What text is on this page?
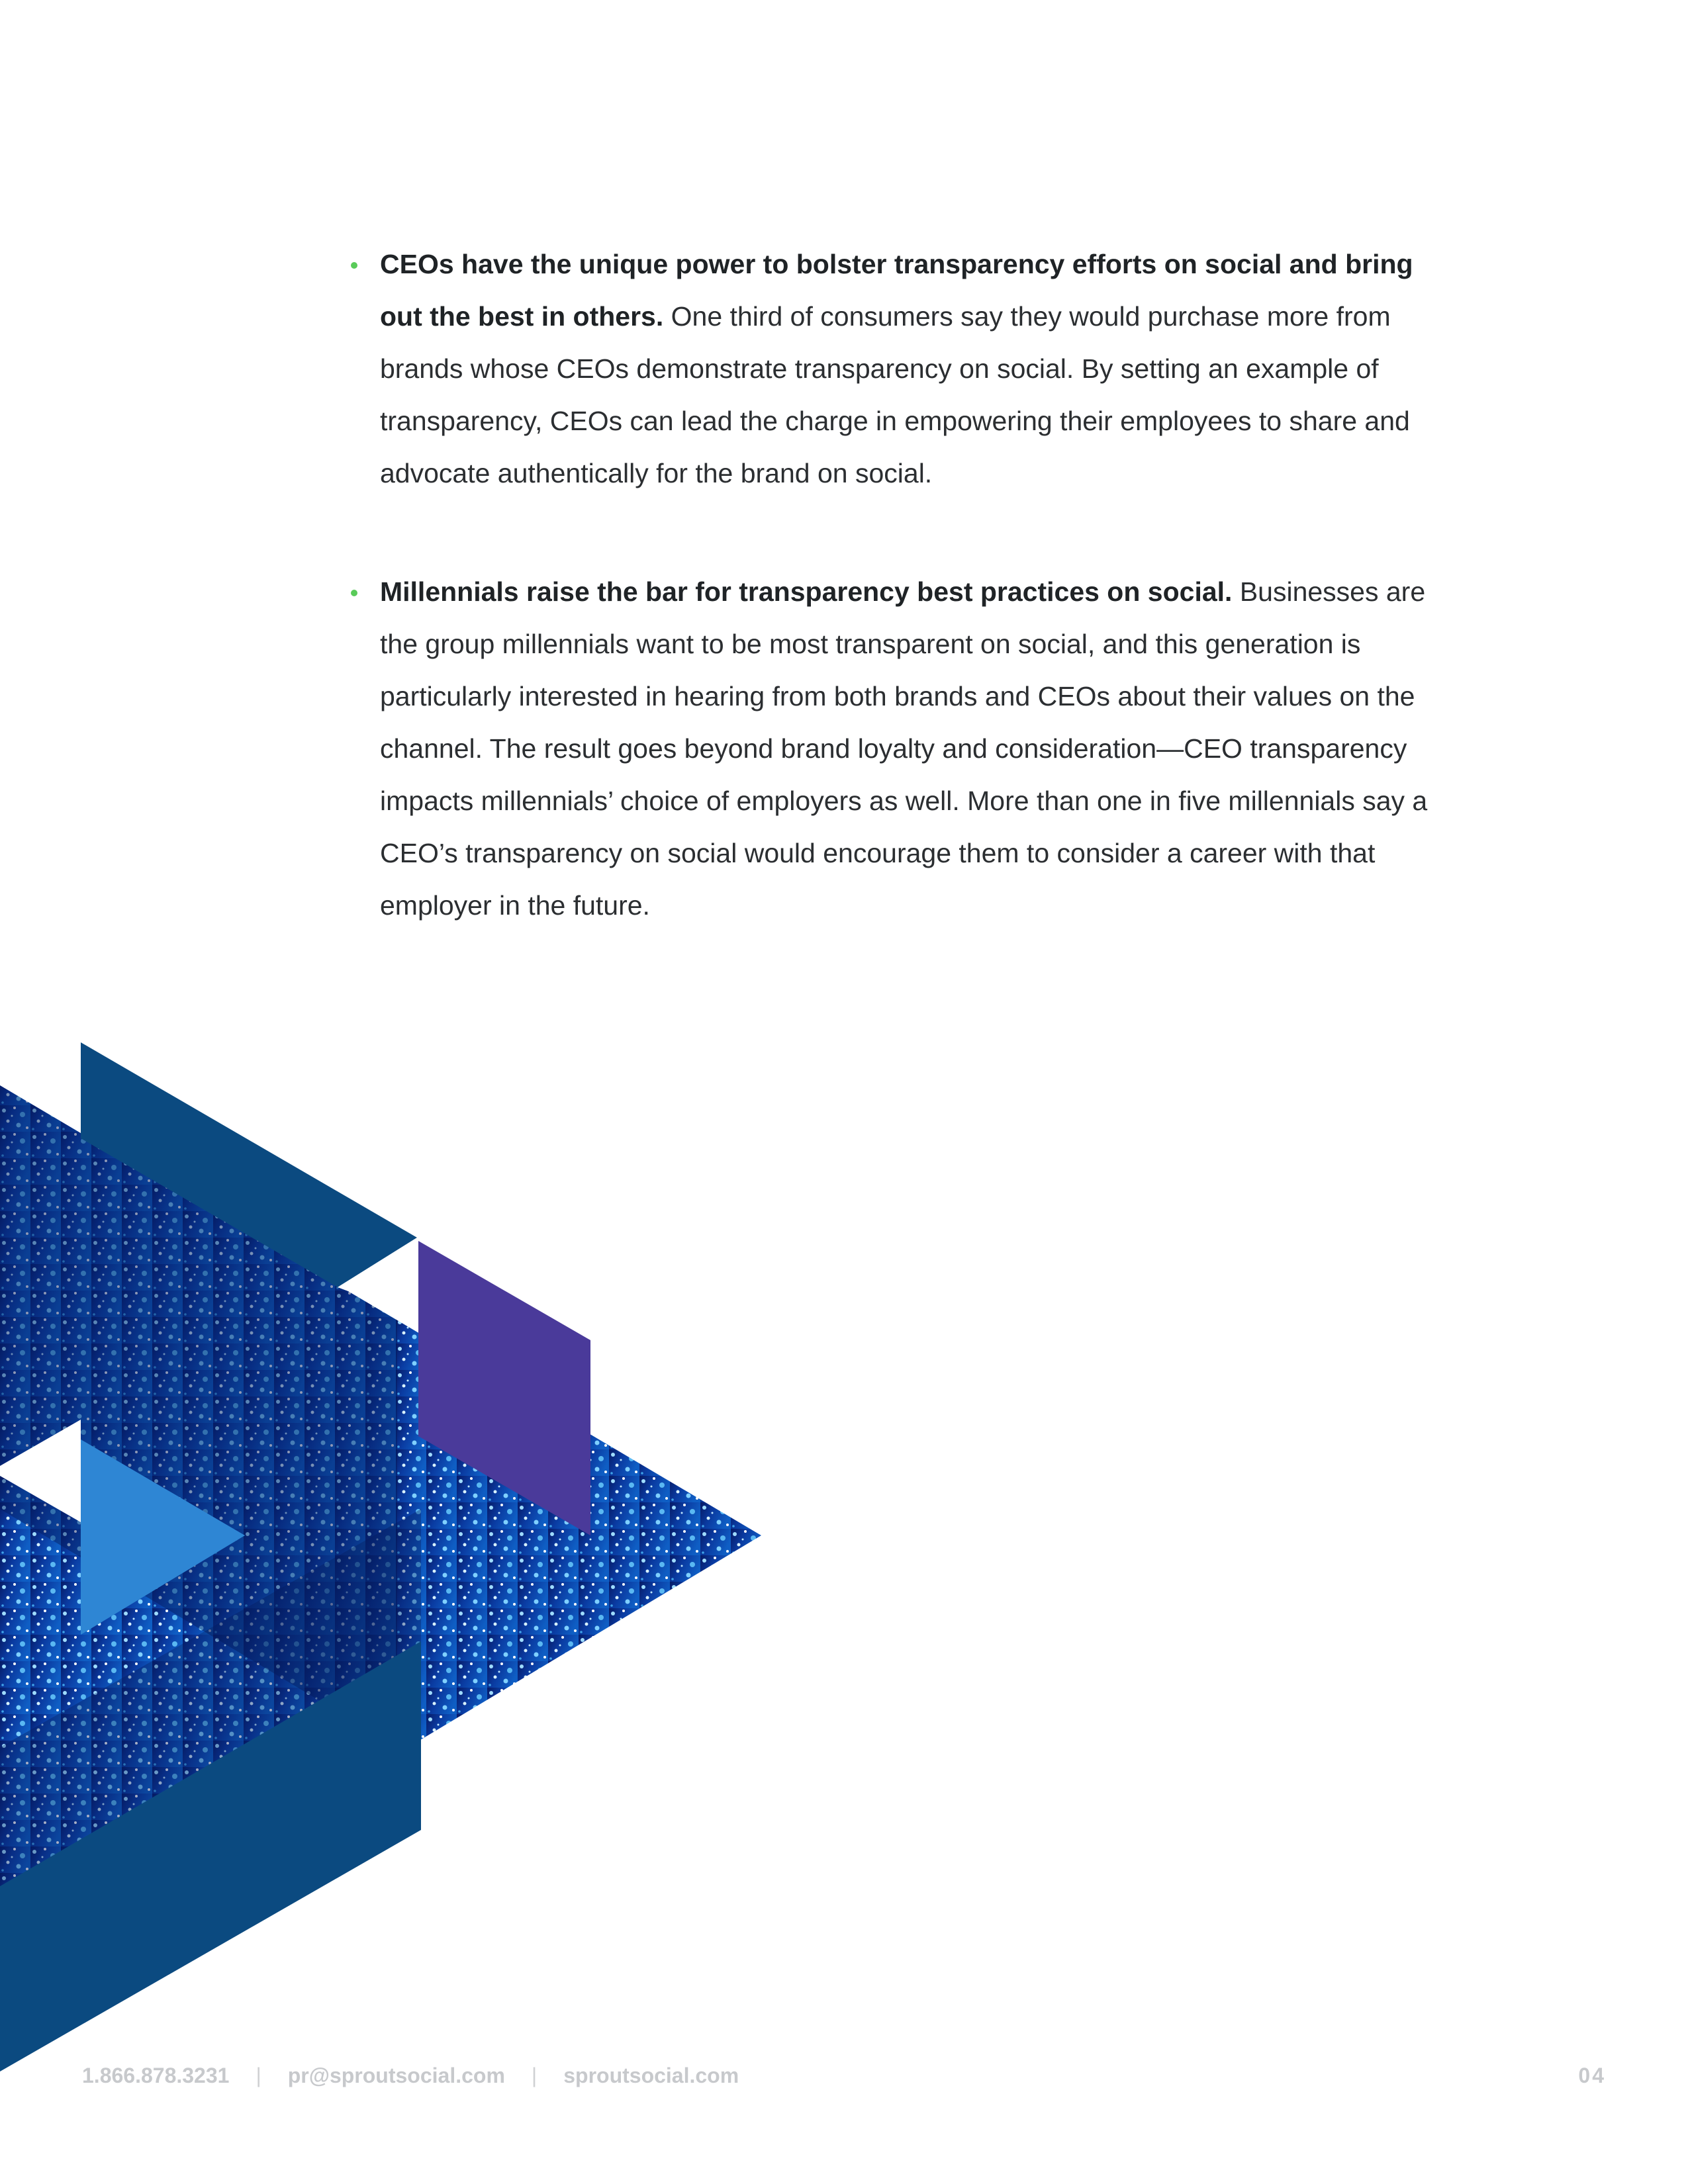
CEOs have the unique power to bolster transparency efforts on social and bring out the best in others. One third of consumers say they would purchase more from brands whose CEOs demonstrate transparency on social. By setting an example of transparency, CEOs can lead the charge in empowering their employees to share and advocate authentically for the brand on social.

Millennials raise the bar for transparency best practices on social. Businesses are the group millennials want to be most transparent on social, and this generation is particularly interested in hearing from both brands and CEOs about their values on the channel. The result goes beyond brand loyalty and consideration—CEO transparency impacts millennials’ choice of employers as well. More than one in five millennials say a CEO’s transparency on social would encourage them to consider a career with that employer in the future.

1.866.878.3231 | pr@sproutsocial.com | sproutsocial.com	04
